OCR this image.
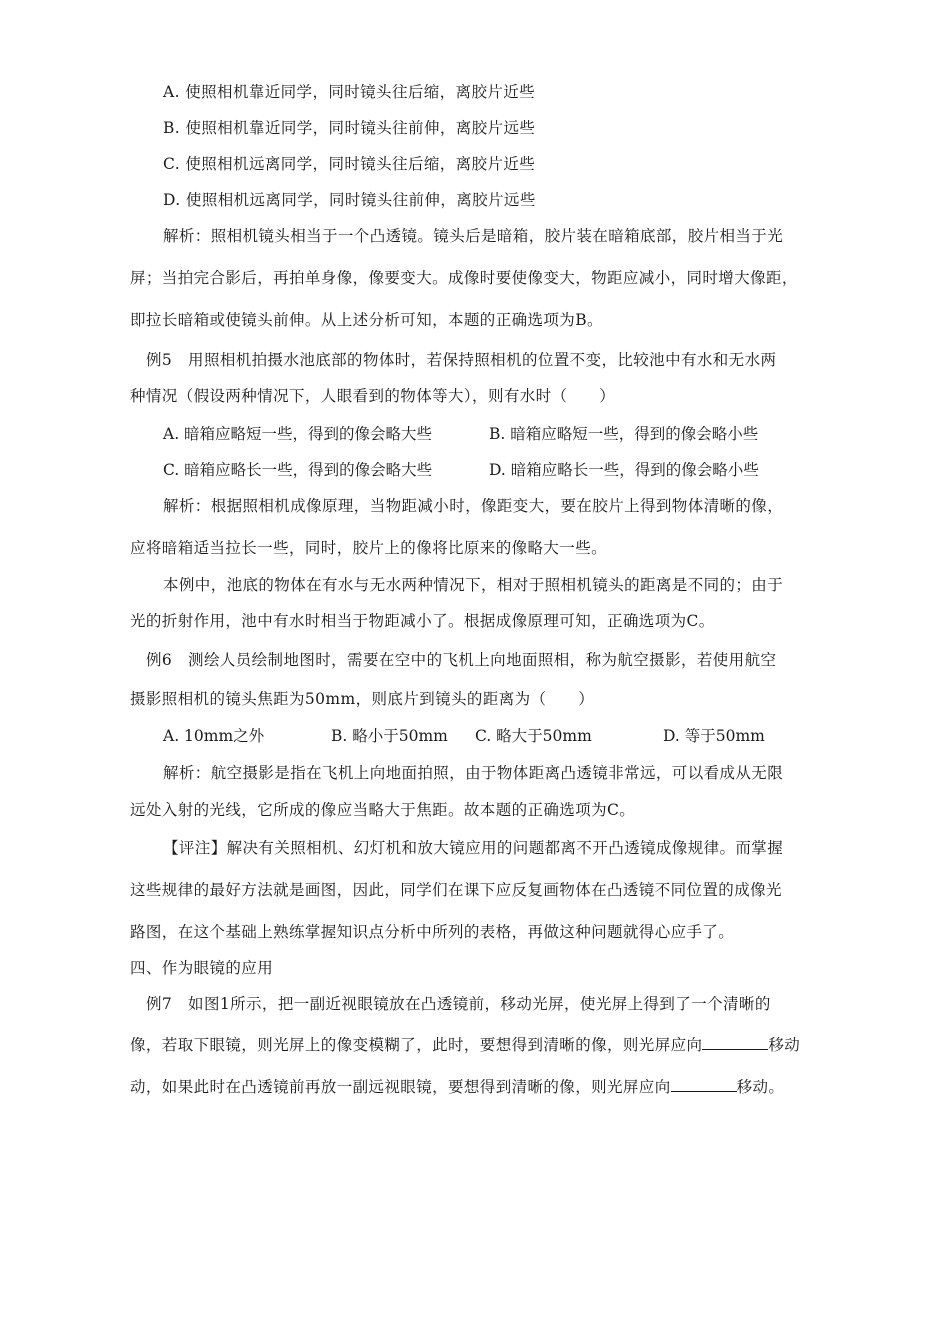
A. 使照相机靠近同学，同时镜头往后缩，离胶片近些
B. 使照相机靠近同学，同时镜头往前伸，离胶片远些
C. 使照相机远离同学，同时镜头往后缩，离胶片近些
D. 使照相机远离同学，同时镜头往前伸，离胶片远些
解析：照相机镜头相当于一个凸透镜。镜头后是暗箱，胶片装在暗箱底部，胶片相当于光
屏；当拍完合影后，再拍单身像，像要变大。成像时要使像变大，物距应减小，同时增大像距，
即拉长暗箱或使镜头前伸。从上述分析可知，本题的正确选项为B。
例5　用照相机拍摄水池底部的物体时，若保持照相机的位置不变，比较池中有水和无水两
种情况（假设两种情况下，人眼看到的物体等大），则有水时（　　）
A. 暗箱应略短一些，得到的像会略大些	B. 暗箱应略短一些，得到的像会略小些
C. 暗箱应略长一些，得到的像会略大些	D. 暗箱应略长一些，得到的像会略小些
解析：根据照相机成像原理，当物距减小时，像距变大，要在胶片上得到物体清晰的像，
应将暗箱适当拉长一些，同时，胶片上的像将比原来的像略大一些。
本例中，池底的物体在有水与无水两种情况下，相对于照相机镜头的距离是不同的；由于
光的折射作用，池中有水时相当于物距减小了。根据成像原理可知，正确选项为C。
例6　测绘人员绘制地图时，需要在空中的飞机上向地面照相，称为航空摄影，若使用航空
摄影照相机的镜头焦距为50mm，则底片到镜头的距离为（　　）
A. 10mm之外	B. 略小于50mm C. 略大于50mm	D. 等于50mm
解析：航空摄影是指在飞机上向地面拍照，由于物体距离凸透镜非常远，可以看成从无限
远处入射的光线，它所成的像应当略大于焦距。故本题的正确选项为C。
【评注】解决有关照相机、幻灯机和放大镜应用的问题都离不开凸透镜成像规律。而掌握
这些规律的最好方法就是画图，因此，同学们在课下应反复画物体在凸透镜不同位置的成像光
路图，在这个基础上熟练掌握知识点分析中所列的表格，再做这种问题就得心应手了。
四、作为眼镜的应用
例7　如图1所示，把一副近视眼镜放在凸透镜前，移动光屏，使光屏上得到了一个清晰的
像，若取下眼镜，则光屏上的像变模糊了，此时，要想得到清晰的像，则光屏应向	移动
动，如果此时在凸透镜前再放一副远视眼镜，要想得到清晰的像，则光屏应向	移动。
